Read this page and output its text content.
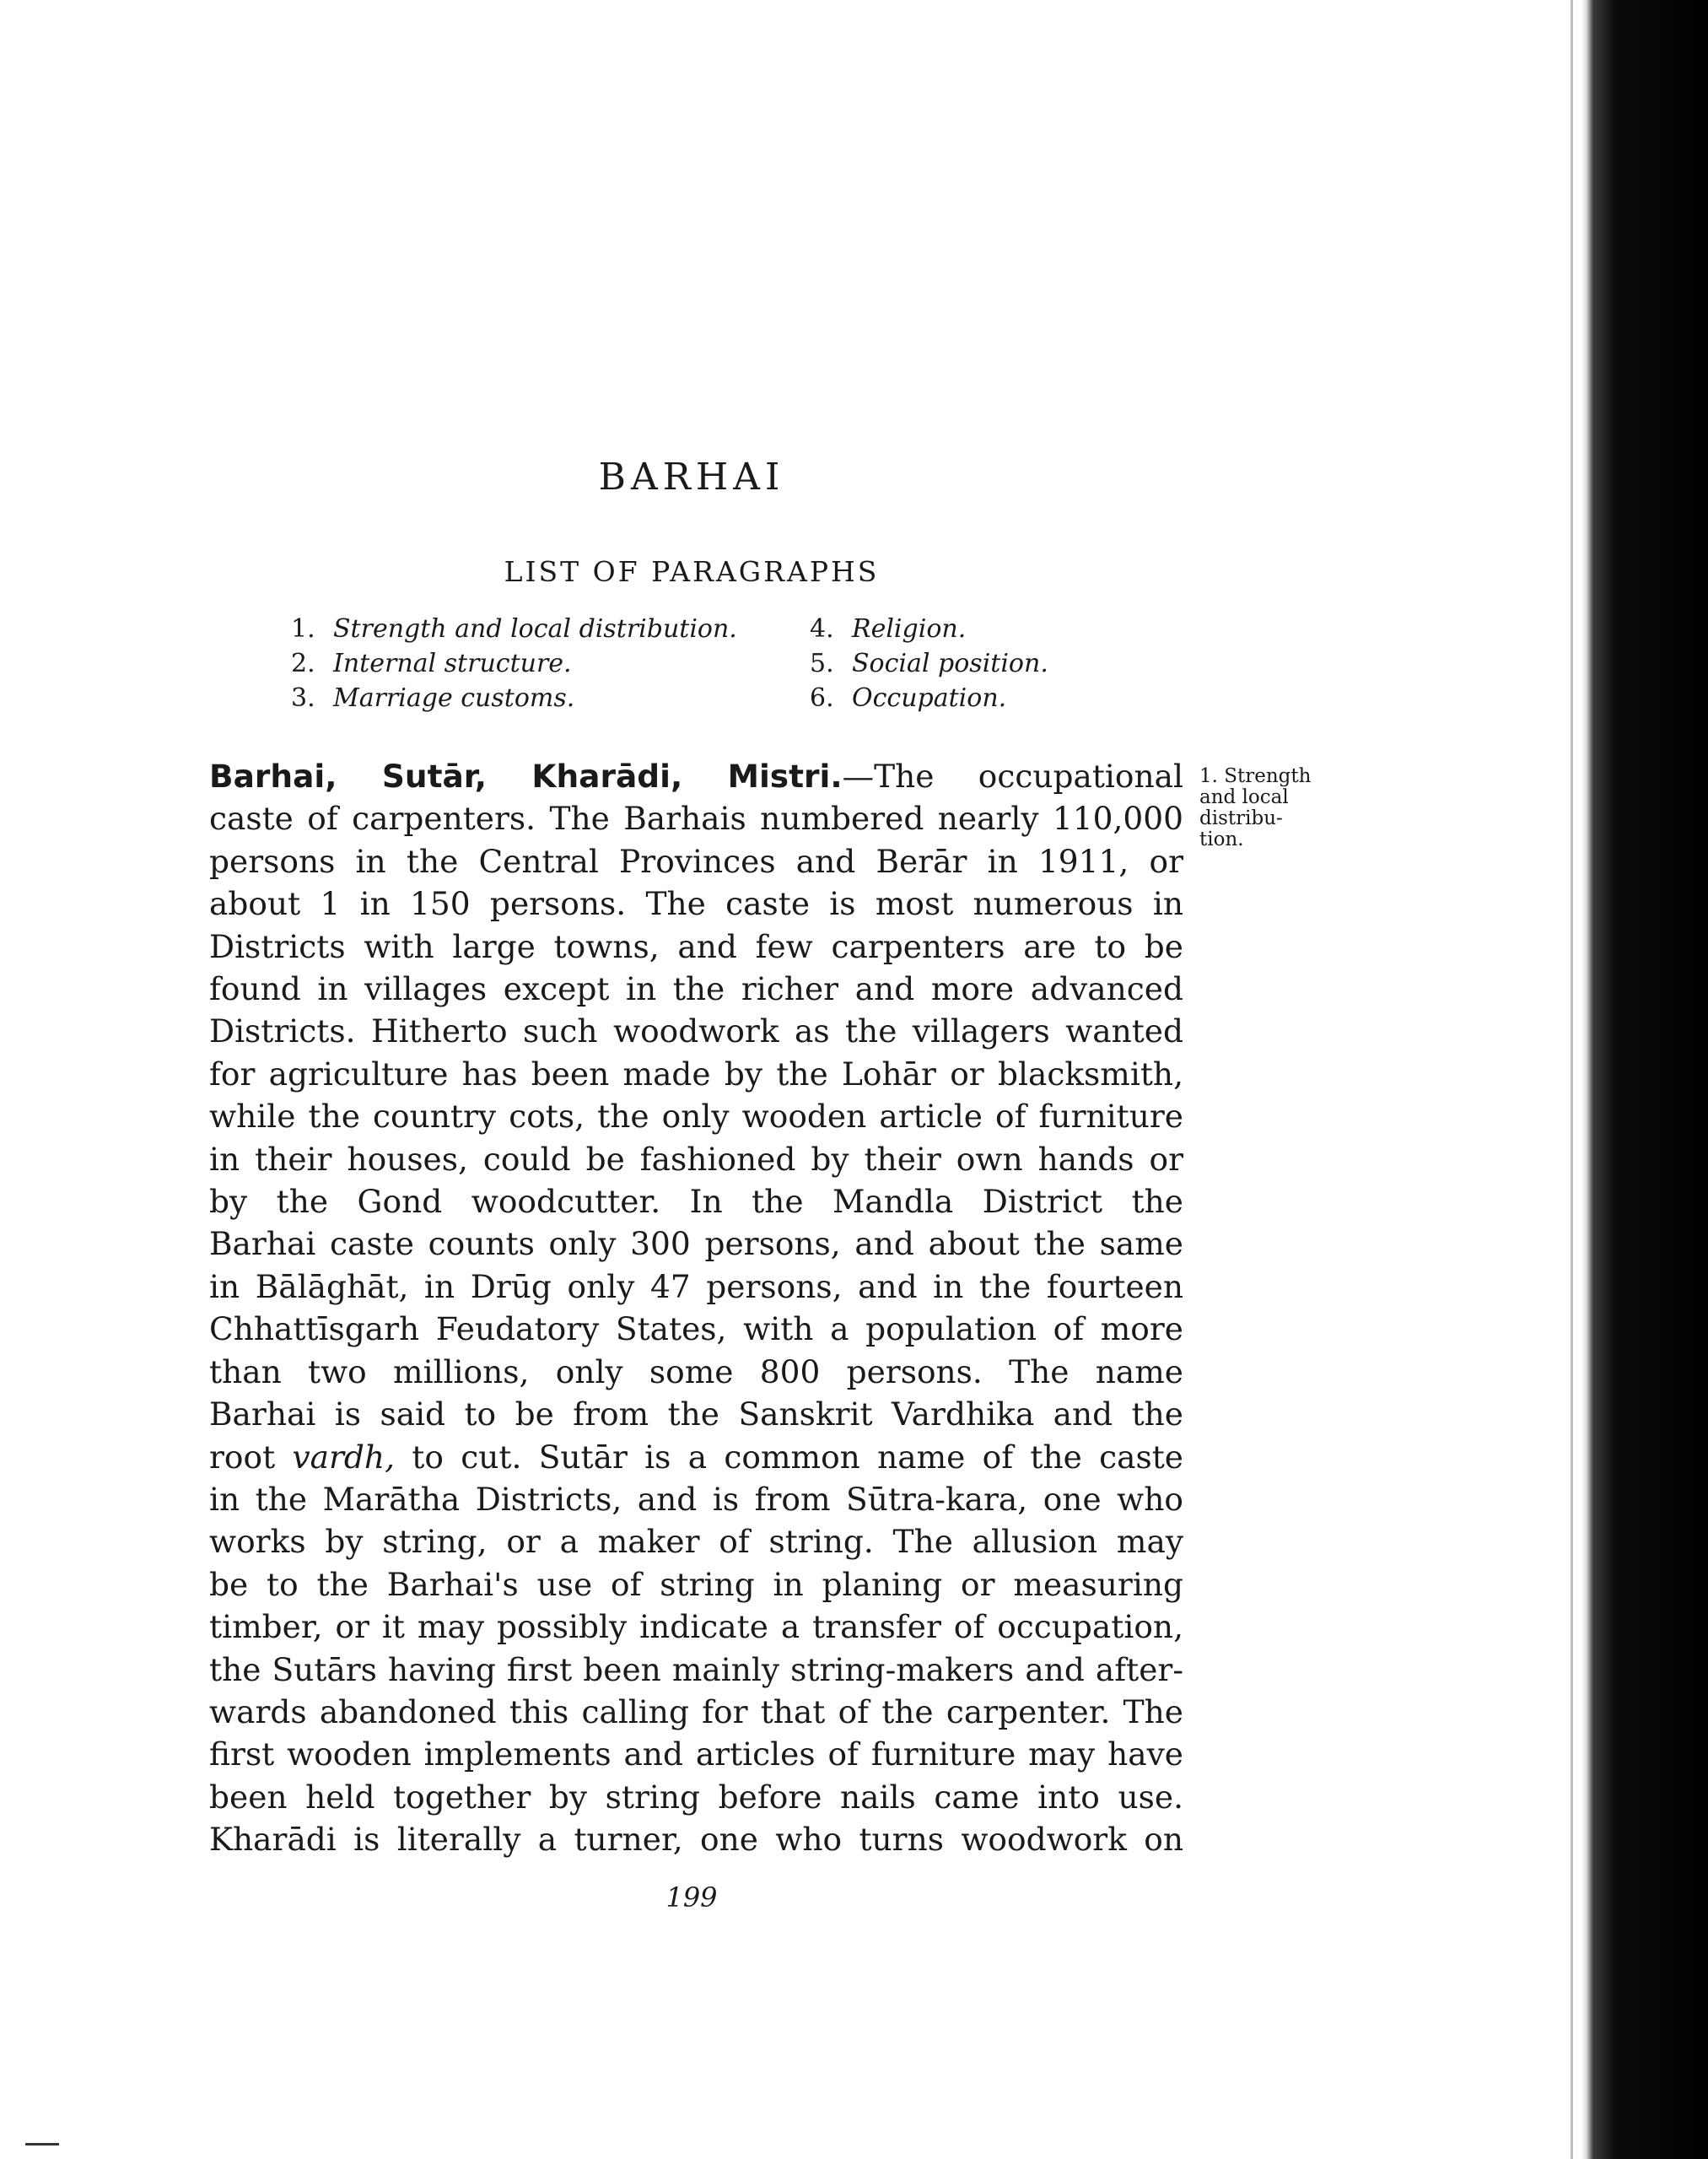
BARHAI
LIST OF PARAGRAPHS
1. Strength and local distribution.
2. Internal structure.
3. Marriage customs.
4. Religion.
5. Social position.
6. Occupation.
1. Strength
and local
distribu-
tion.
Barhai, Sutār, Kharādi, Mistri.—The occupational
caste of carpenters. The Barhais numbered nearly 110,000
persons in the Central Provinces and Berār in 1911, or
about 1 in 150 persons. The caste is most numerous in
Districts with large towns, and few carpenters are to be
found in villages except in the richer and more advanced
Districts. Hitherto such woodwork as the villagers wanted
for agriculture has been made by the Lohār or blacksmith,
while the country cots, the only wooden article of furniture
in their houses, could be fashioned by their own hands or
by the Gond woodcutter. In the Mandla District the
Barhai caste counts only 300 persons, and about the same
in Bālāghāt, in Drūg only 47 persons, and in the fourteen
Chhattīsgarh Feudatory States, with a population of more
than two millions, only some 800 persons. The name
Barhai is said to be from the Sanskrit Vardhika and the
root vardh, to cut. Sutār is a common name of the caste
in the Marātha Districts, and is from Sūtra-kara, one who
works by string, or a maker of string. The allusion may
be to the Barhai's use of string in planing or measuring
timber, or it may possibly indicate a transfer of occupation,
the Sutārs having first been mainly string-makers and after-
wards abandoned this calling for that of the carpenter. The
first wooden implements and articles of furniture may have
been held together by string before nails came into use.
Kharādi is literally a turner, one who turns woodwork on
199
